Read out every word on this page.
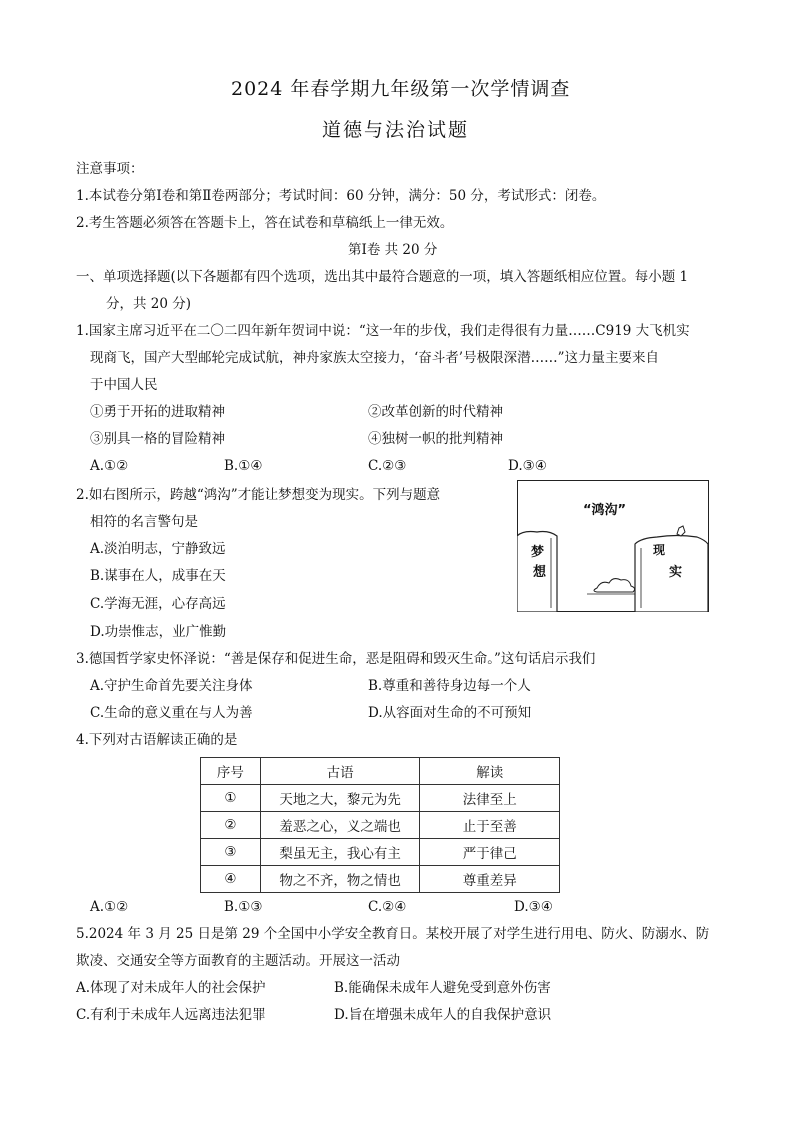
2024 年春学期九年级第一次学情调查
道德与法治试题
注意事项：
1.本试卷分第Ⅰ卷和第Ⅱ卷两部分；考试时间：60 分钟，满分：50 分，考试形式：闭卷。
2.考生答题必须答在答题卡上，答在试卷和草稿纸上一律无效。
第Ⅰ卷 共 20 分
一、单项选择题(以下各题都有四个选项，选出其中最符合题意的一项，填入答题纸相应位置。每小题 1
分，共 20 分)
1.国家主席习近平在二〇二四年新年贺词中说：“这一年的步伐，我们走得很有力量……C919 大飞机实
现商飞，国产大型邮轮完成试航，神舟家族太空接力，‘奋斗者’号极限深潜……”这力量主要来自
于中国人民
①勇于开拓的进取精神	②改革创新的时代精神
③别具一格的冒险精神	④独树一帜的批判精神
A.①②	B.①④	C.②③	D.③④
2.如右图所示，跨越“鸿沟”才能让梦想变为现实。下列与题意
相符的名言警句是
A.淡泊明志，宁静致远
B.谋事在人，成事在天
C.学海无涯，心存高远
D.功崇惟志，业广惟勤
“鸿沟”
梦
想
现
实
3.德国哲学家史怀泽说：“善是保存和促进生命，恶是阻碍和毁灭生命。”这句话启示我们
A.守护生命首先要关注身体	B.尊重和善待身边每一个人
C.生命的意义重在与人为善	D.从容面对生命的不可预知
4.下列对古语解读正确的是
序号	古语	解读
①	天地之大，黎元为先	法律至上
②	羞恶之心，义之端也	止于至善
③	梨虽无主，我心有主	严于律己
④	物之不齐，物之情也	尊重差异
A.①②	B.①③	C.②④	D.③④
5.2024 年 3 月 25 日是第 29 个全国中小学安全教育日。某校开展了对学生进行用电、防火、防溺水、防
欺凌、交通安全等方面教育的主题活动。开展这一活动
A.体现了对未成年人的社会保护	B.能确保未成年人避免受到意外伤害
C.有利于未成年人远离违法犯罪	D.旨在增强未成年人的自我保护意识
